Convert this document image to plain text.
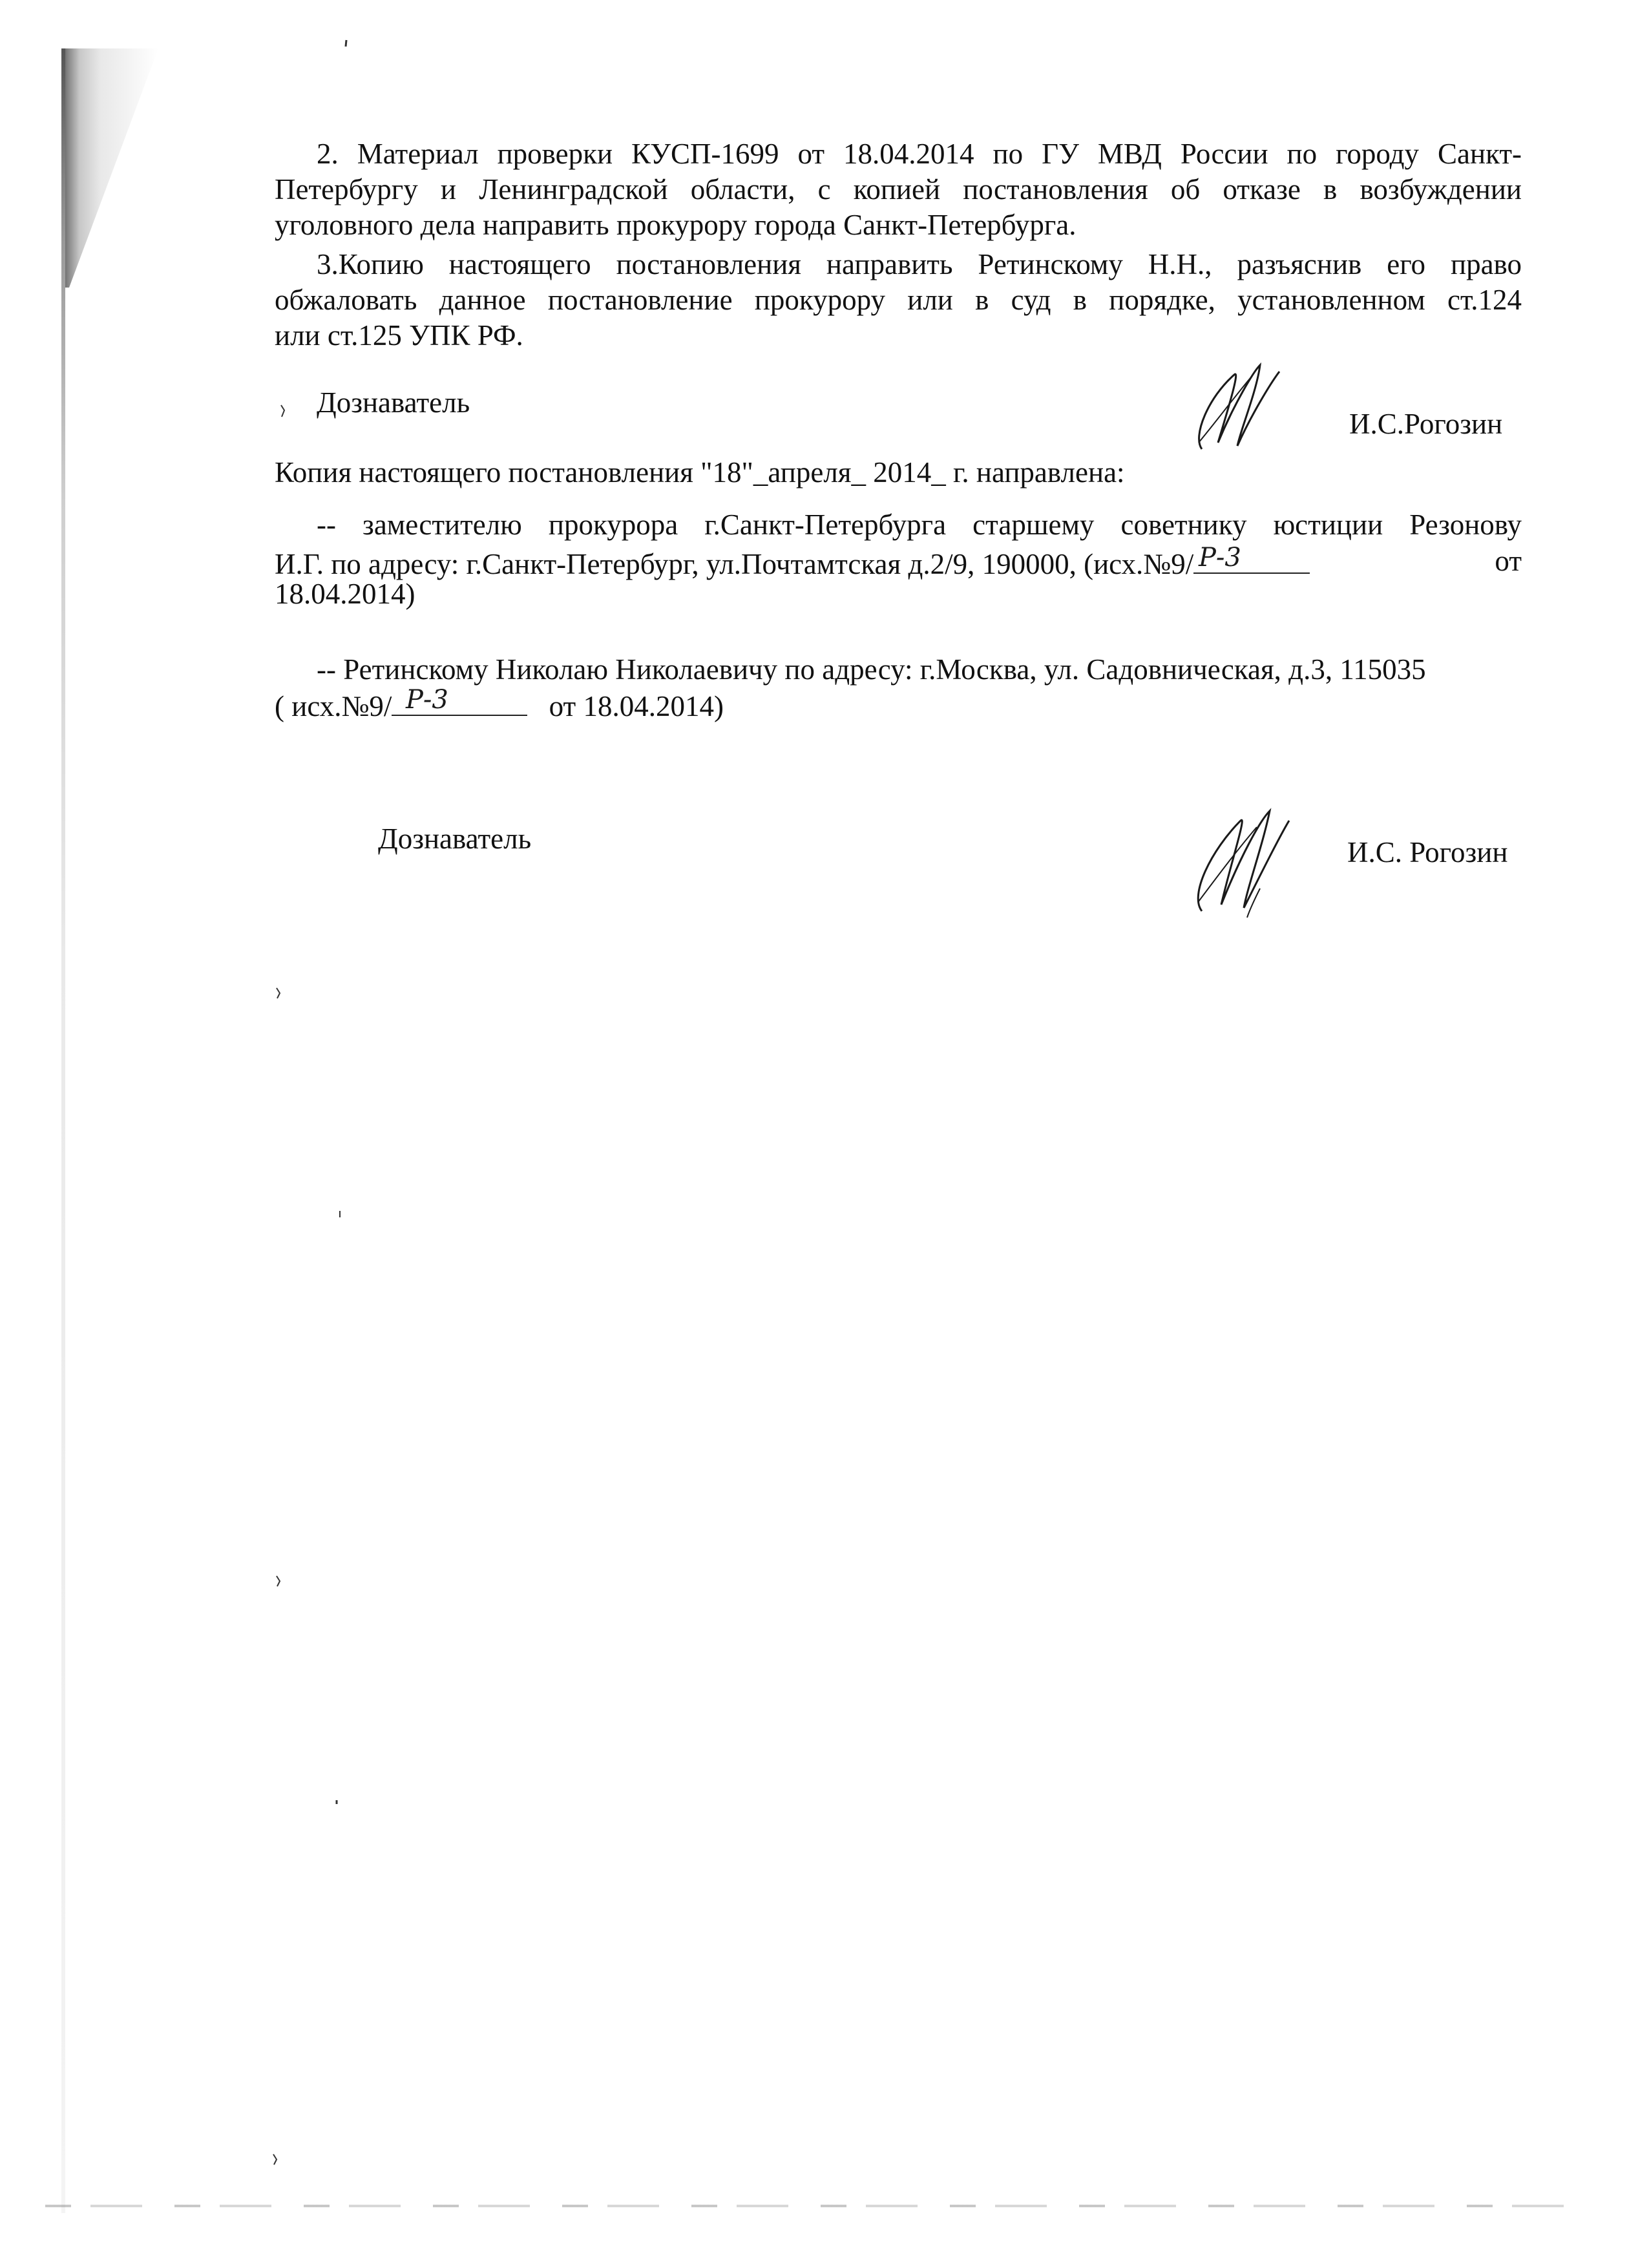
2. Материал проверки КУСП-1699 от 18.04.2014 по ГУ МВД России по городу Санкт-
Петербургу и Ленинградской области, с копией постановления об отказе в возбуждении
уголовного дела направить прокурору города Санкт-Петербурга.
3.Копию настоящего постановления направить Ретинскому Н.Н., разъяснив его право
обжаловать данное постановление прокурору или в суд в порядке, установленном ст.124
или ст.125 УПК РФ.
Дознаватель
И.С.Рогозин
Копия настоящего постановления "18"_апреля_ 2014_ г. направлена:
-- заместителю прокурора г.Санкт-Петербурга старшему советнику юстиции Резонову
И.Г. по адресу: г.Санкт-Петербург, ул.Почтамтская д.2/9, 190000, (исх.№9/ Р-3	от
18.04.2014)
-- Ретинскому Николаю Николаевичу по адресу: г.Москва, ул. Садовническая, д.3, 115035
( исх.№9/ Р-3	от 18.04.2014)
Дознаватель	И.С. Рогозин
